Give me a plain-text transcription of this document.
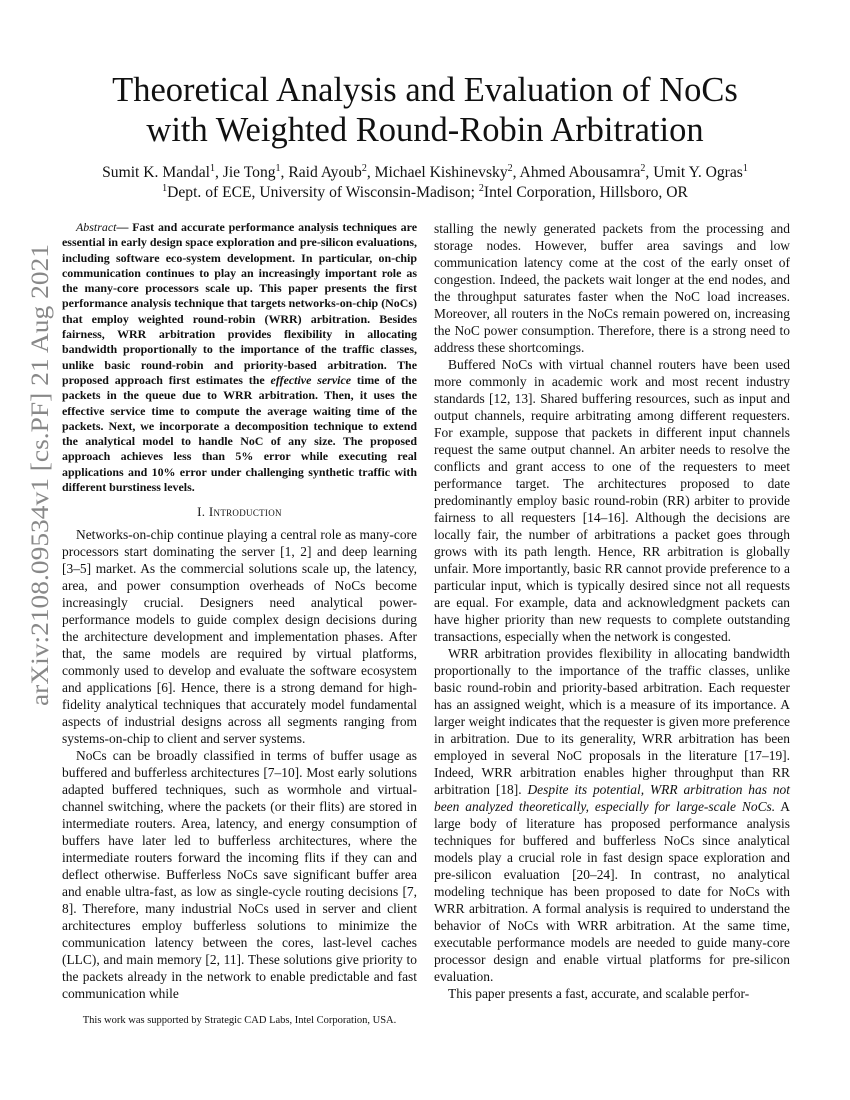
arXiv:2108.09534v1 [cs.PF] 21 Aug 2021
Theoretical Analysis and Evaluation of NoCs
with Weighted Round-Robin Arbitration
Sumit K. Mandal$^1$, Jie Tong$^1$, Raid Ayoub$^2$, Michael Kishinevsky$^2$, Ahmed Abousamra$^2$, Umit Y. Ogras$^1$
$^1$Dept. of ECE, University of Wisconsin-Madison; $^2$Intel Corporation, Hillsboro, OR

Abstract— Fast and accurate performance analysis techniques are essential in early design space exploration and pre-silicon evaluations, including software eco-system development. In particular, on-chip communication continues to play an increasingly important role as the many-core processors scale up. This paper presents the first performance analysis technique that targets networks-on-chip (NoCs) that employ weighted round-robin (WRR) arbitration. Besides fairness, WRR arbitration provides flexibility in allocating bandwidth proportionally to the importance of the traffic classes, unlike basic round-robin and priority-based arbitration. The proposed approach first estimates the effective service time of the packets in the queue due to WRR arbitration. Then, it uses the effective service time to compute the average waiting time of the packets. Next, we incorporate a decomposition technique to extend the analytical model to handle NoC of any size. The proposed approach achieves less than 5% error while executing real applications and 10% error under challenging synthetic traffic with different burstiness levels.

I. Introduction

Networks-on-chip continue playing a central role as many-core processors start dominating the server [1, 2] and deep learning [3–5] market. As the commercial solutions scale up, the latency, area, and power consumption overheads of NoCs become increasingly crucial. Designers need analytical power-performance models to guide complex design decisions during the architecture development and implementation phases. After that, the same models are required by virtual platforms, commonly used to develop and evaluate the software ecosystem and applications [6]. Hence, there is a strong demand for high-fidelity analytical techniques that accurately model fundamental aspects of industrial designs across all segments ranging from systems-on-chip to client and server systems.

NoCs can be broadly classified in terms of buffer usage as buffered and bufferless architectures [7–10]. Most early solutions adapted buffered techniques, such as wormhole and virtual-channel switching, where the packets (or their flits) are stored in intermediate routers. Area, latency, and energy consumption of buffers have later led to bufferless architectures, where the intermediate routers forward the incoming flits if they can and deflect otherwise. Bufferless NoCs save significant buffer area and enable ultra-fast, as low as single-cycle routing decisions [7, 8]. Therefore, many industrial NoCs used in server and client architectures employ bufferless solutions to minimize the communication latency between the cores, last-level caches (LLC), and main memory [2, 11]. These solutions give priority to the packets already in the network to enable predictable and fast communication while

This work was supported by Strategic CAD Labs, Intel Corporation, USA.

stalling the newly generated packets from the processing and storage nodes. However, buffer area savings and low communication latency come at the cost of the early onset of congestion. Indeed, the packets wait longer at the end nodes, and the throughput saturates faster when the NoC load increases. Moreover, all routers in the NoCs remain powered on, increasing the NoC power consumption. Therefore, there is a strong need to address these shortcomings.

Buffered NoCs with virtual channel routers have been used more commonly in academic work and most recent industry standards [12, 13]. Shared buffering resources, such as input and output channels, require arbitrating among different requesters. For example, suppose that packets in different input channels request the same output channel. An arbiter needs to resolve the conflicts and grant access to one of the requesters to meet performance target. The architectures proposed to date predominantly employ basic round-robin (RR) arbiter to provide fairness to all requesters [14–16]. Although the decisions are locally fair, the number of arbitrations a packet goes through grows with its path length. Hence, RR arbitration is globally unfair. More importantly, basic RR cannot provide preference to a particular input, which is typically desired since not all requests are equal. For example, data and acknowledgment packets can have higher priority than new requests to complete outstanding transactions, especially when the network is congested.

WRR arbitration provides flexibility in allocating bandwidth proportionally to the importance of the traffic classes, unlike basic round-robin and priority-based arbitration. Each requester has an assigned weight, which is a measure of its importance. A larger weight indicates that the requester is given more preference in arbitration. Due to its generality, WRR arbitration has been employed in several NoC proposals in the literature [17–19]. Indeed, WRR arbitration enables higher throughput than RR arbitration [18]. Despite its potential, WRR arbitration has not been analyzed theoretically, especially for large-scale NoCs. A large body of literature has proposed performance analysis techniques for buffered and bufferless NoCs since analytical models play a crucial role in fast design space exploration and pre-silicon evaluation [20–24]. In contrast, no analytical modeling technique has been proposed to date for NoCs with WRR arbitration. A formal analysis is required to understand the behavior of NoCs with WRR arbitration. At the same time, executable performance models are needed to guide many-core processor design and enable virtual platforms for pre-silicon evaluation.

This paper presents a fast, accurate, and scalable perfor-
